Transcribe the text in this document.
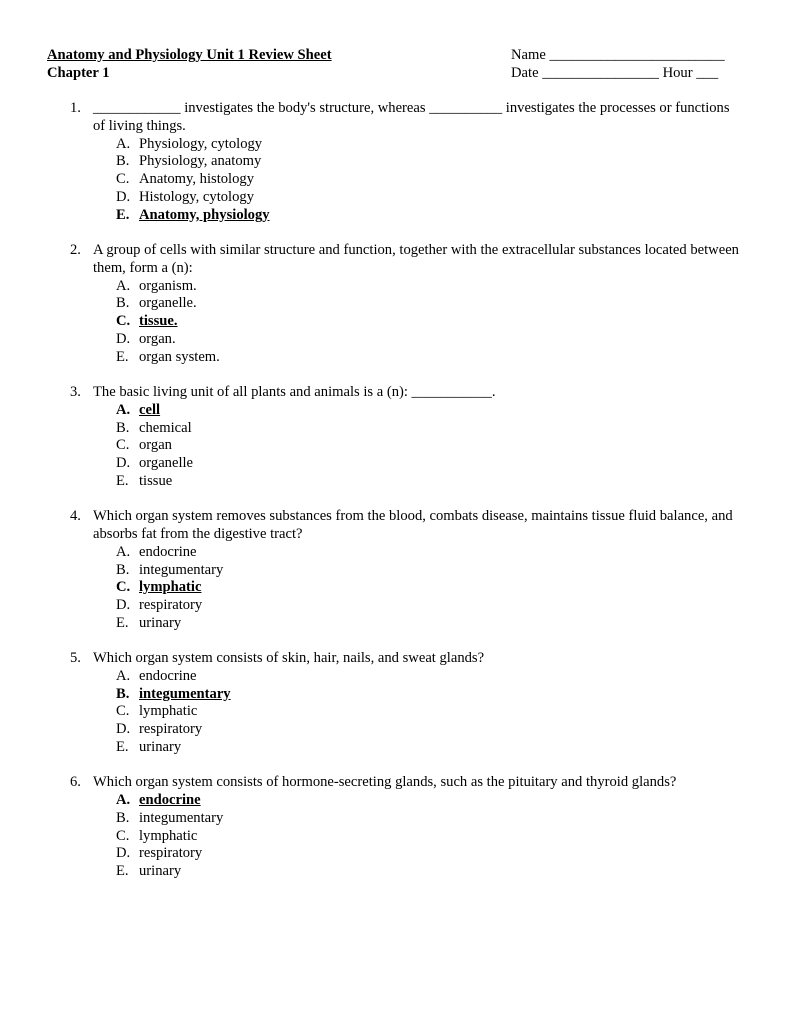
Anatomy and Physiology Unit 1 Review Sheet	Name ________________________
Chapter 1	Date ________________ Hour ___
1. ____________ investigates the body's structure, whereas __________ investigates the processes or functions of living things.
A. Physiology, cytology
B. Physiology, anatomy
C. Anatomy, histology
D. Histology, cytology
E. Anatomy, physiology
2. A group of cells with similar structure and function, together with the extracellular substances located between them, form a (n):
A. organism.
B. organelle.
C. tissue.
D. organ.
E. organ system.
3. The basic living unit of all plants and animals is a (n): ___________.
A. cell
B. chemical
C. organ
D. organelle
E. tissue
4. Which organ system removes substances from the blood, combats disease, maintains tissue fluid balance, and absorbs fat from the digestive tract?
A. endocrine
B. integumentary
C. lymphatic
D. respiratory
E. urinary
5. Which organ system consists of skin, hair, nails, and sweat glands?
A. endocrine
B. integumentary
C. lymphatic
D. respiratory
E. urinary
6. Which organ system consists of hormone-secreting glands, such as the pituitary and thyroid glands?
A. endocrine
B. integumentary
C. lymphatic
D. respiratory
E. urinary
